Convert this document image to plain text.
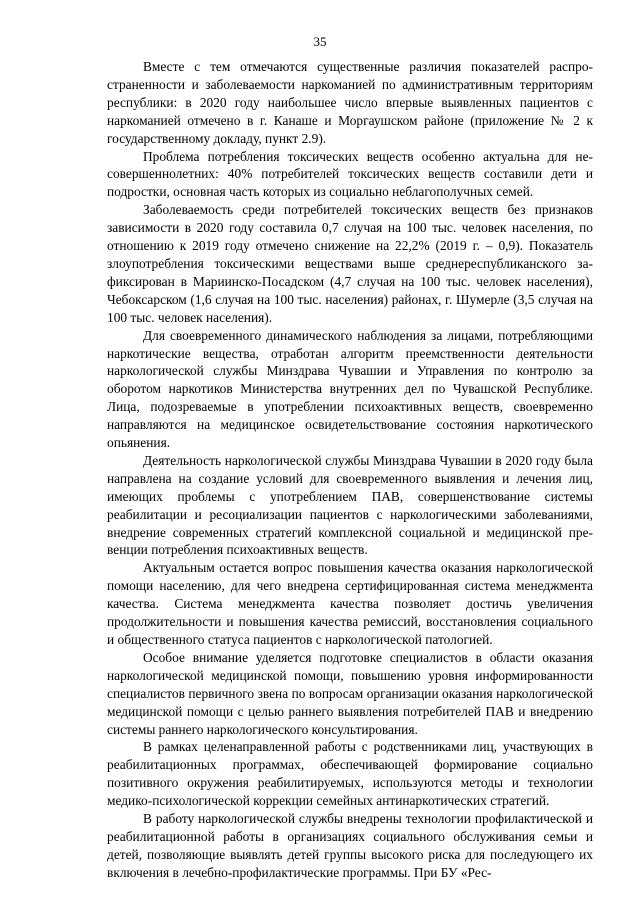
35

Вместе с тем отмечаются существенные различия показателей распространенности и заболеваемости наркоманией по административным территориям республики: в 2020 году наибольшее число впервые выявленных пациентов с наркоманией отмечено в г. Канаше и Моргаушском районе (приложение № 2 к государственному докладу, пункт 2.9).

Проблема потребления токсических веществ особенно актуальна для несовершеннолетних: 40% потребителей токсических веществ составили дети и подростки, основная часть которых из социально неблагополучных семей.

Заболеваемость среди потребителей токсических веществ без признаков зависимости в 2020 году составила 0,7 случая на 100 тыс. человек населения, по отношению к 2019 году отмечено снижение на 22,2% (2019 г. – 0,9). Показатель злоупотребления токсическими веществами выше среднереспубликанского зафиксирован в Мариинско-Посадском (4,7 случая на 100 тыс. человек населения), Чебоксарском (1,6 случая на 100 тыс. населения) районах, г. Шумерле (3,5 случая на 100 тыс. человек населения).

Для своевременного динамического наблюдения за лицами, потребляющими наркотические вещества, отработан алгоритм преемственности деятельности наркологической службы Минздрава Чувашии и Управления по контролю за оборотом наркотиков Министерства внутренних дел по Чувашской Республике. Лица, подозреваемые в употреблении психоактивных веществ, своевременно направляются на медицинское освидетельствование состояния наркотического опьянения.

Деятельность наркологической службы Минздрава Чувашии в 2020 году была направлена на создание условий для своевременного выявления и лечения лиц, имеющих проблемы с употреблением ПАВ, совершенствование системы реабилитации и ресоциализации пациентов с наркологическими заболеваниями, внедрение современных стратегий комплексной социальной и медицинской превенции потребления психоактивных веществ.

Актуальным остается вопрос повышения качества оказания наркологической помощи населению, для чего внедрена сертифицированная система менеджмента качества. Система менеджмента качества позволяет достичь увеличения продолжительности и повышения качества ремиссий, восстановления социального и общественного статуса пациентов с наркологической патологией.

Особое внимание уделяется подготовке специалистов в области оказания наркологической медицинской помощи, повышению уровня информированности специалистов первичного звена по вопросам организации оказания наркологической медицинской помощи с целью раннего выявления потребителей ПАВ и внедрению системы раннего наркологического консультирования.

В рамках целенаправленной работы с родственниками лиц, участвующих в реабилитационных программах, обеспечивающей формирование социально позитивного окружения реабилитируемых, используются методы и технологии медико-психологической коррекции семейных антинаркотических стратегий.

В работу наркологической службы внедрены технологии профилактической и реабилитационной работы в организациях социального обслуживания семьи и детей, позволяющие выявлять детей группы высокого риска для последующего их включения в лечебно-профилактические программы. При БУ «Рес-
